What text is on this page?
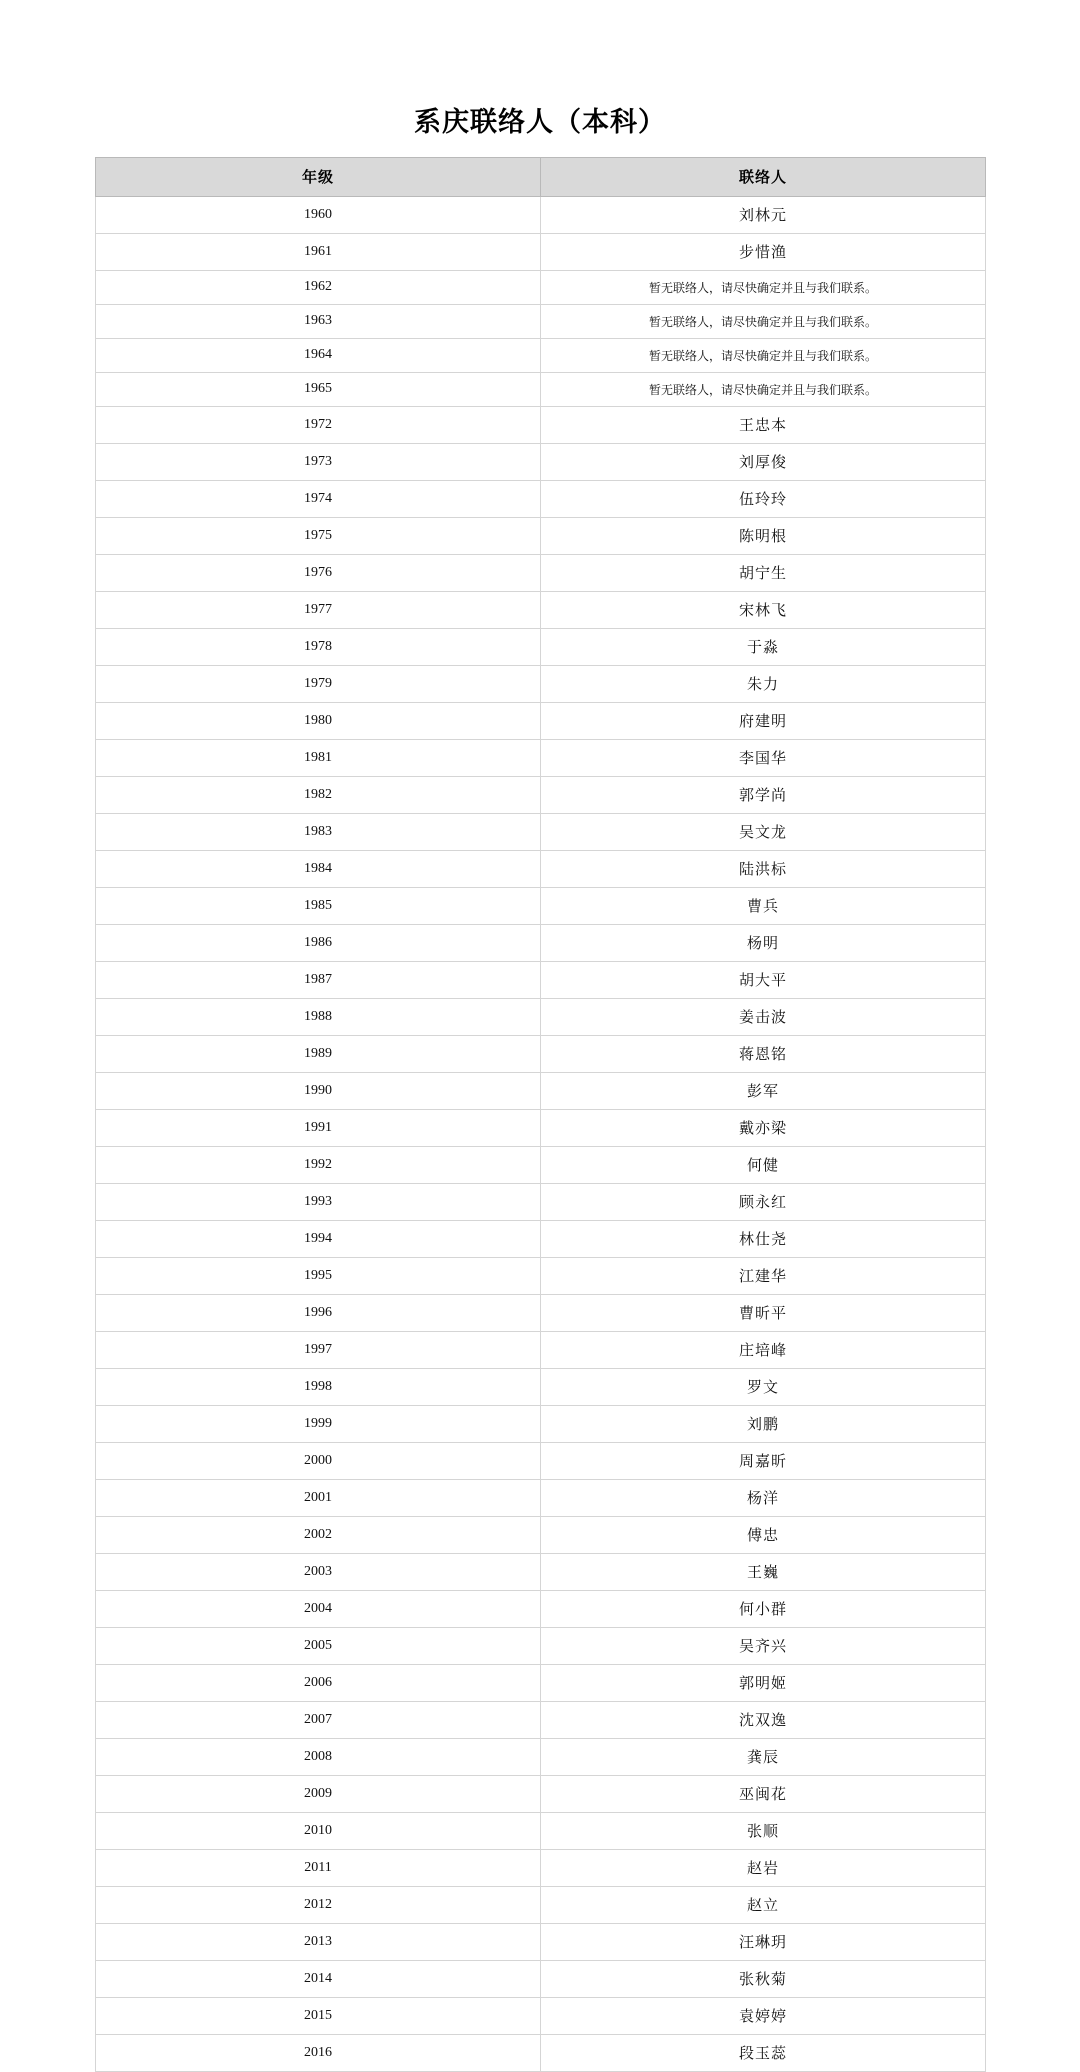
系庆联络人（本科）
年级	联络人
1960	刘林元
1961	步惜渔
1962	暂无联络人，请尽快确定并且与我们联系。
1963	暂无联络人，请尽快确定并且与我们联系。
1964	暂无联络人，请尽快确定并且与我们联系。
1965	暂无联络人，请尽快确定并且与我们联系。
1972	王忠本
1973	刘厚俊
1974	伍玲玲
1975	陈明根
1976	胡宁生
1977	宋林飞
1978	于淼
1979	朱力
1980	府建明
1981	李国华
1982	郭学尚
1983	吴文龙
1984	陆洪标
1985	曹兵
1986	杨明
1987	胡大平
1988	姜击波
1989	蒋恩铭
1990	彭军
1991	戴亦梁
1992	何健
1993	顾永红
1994	林仕尧
1995	江建华
1996	曹昕平
1997	庄培峰
1998	罗文
1999	刘鹏
2000	周嘉昕
2001	杨洋
2002	傅忠
2003	王巍
2004	何小群
2005	吴齐兴
2006	郭明姬
2007	沈双逸
2008	龚辰
2009	巫闽花
2010	张顺
2011	赵岩
2012	赵立
2013	汪琳玥
2014	张秋菊
2015	袁婷婷
2016	段玉蕊
